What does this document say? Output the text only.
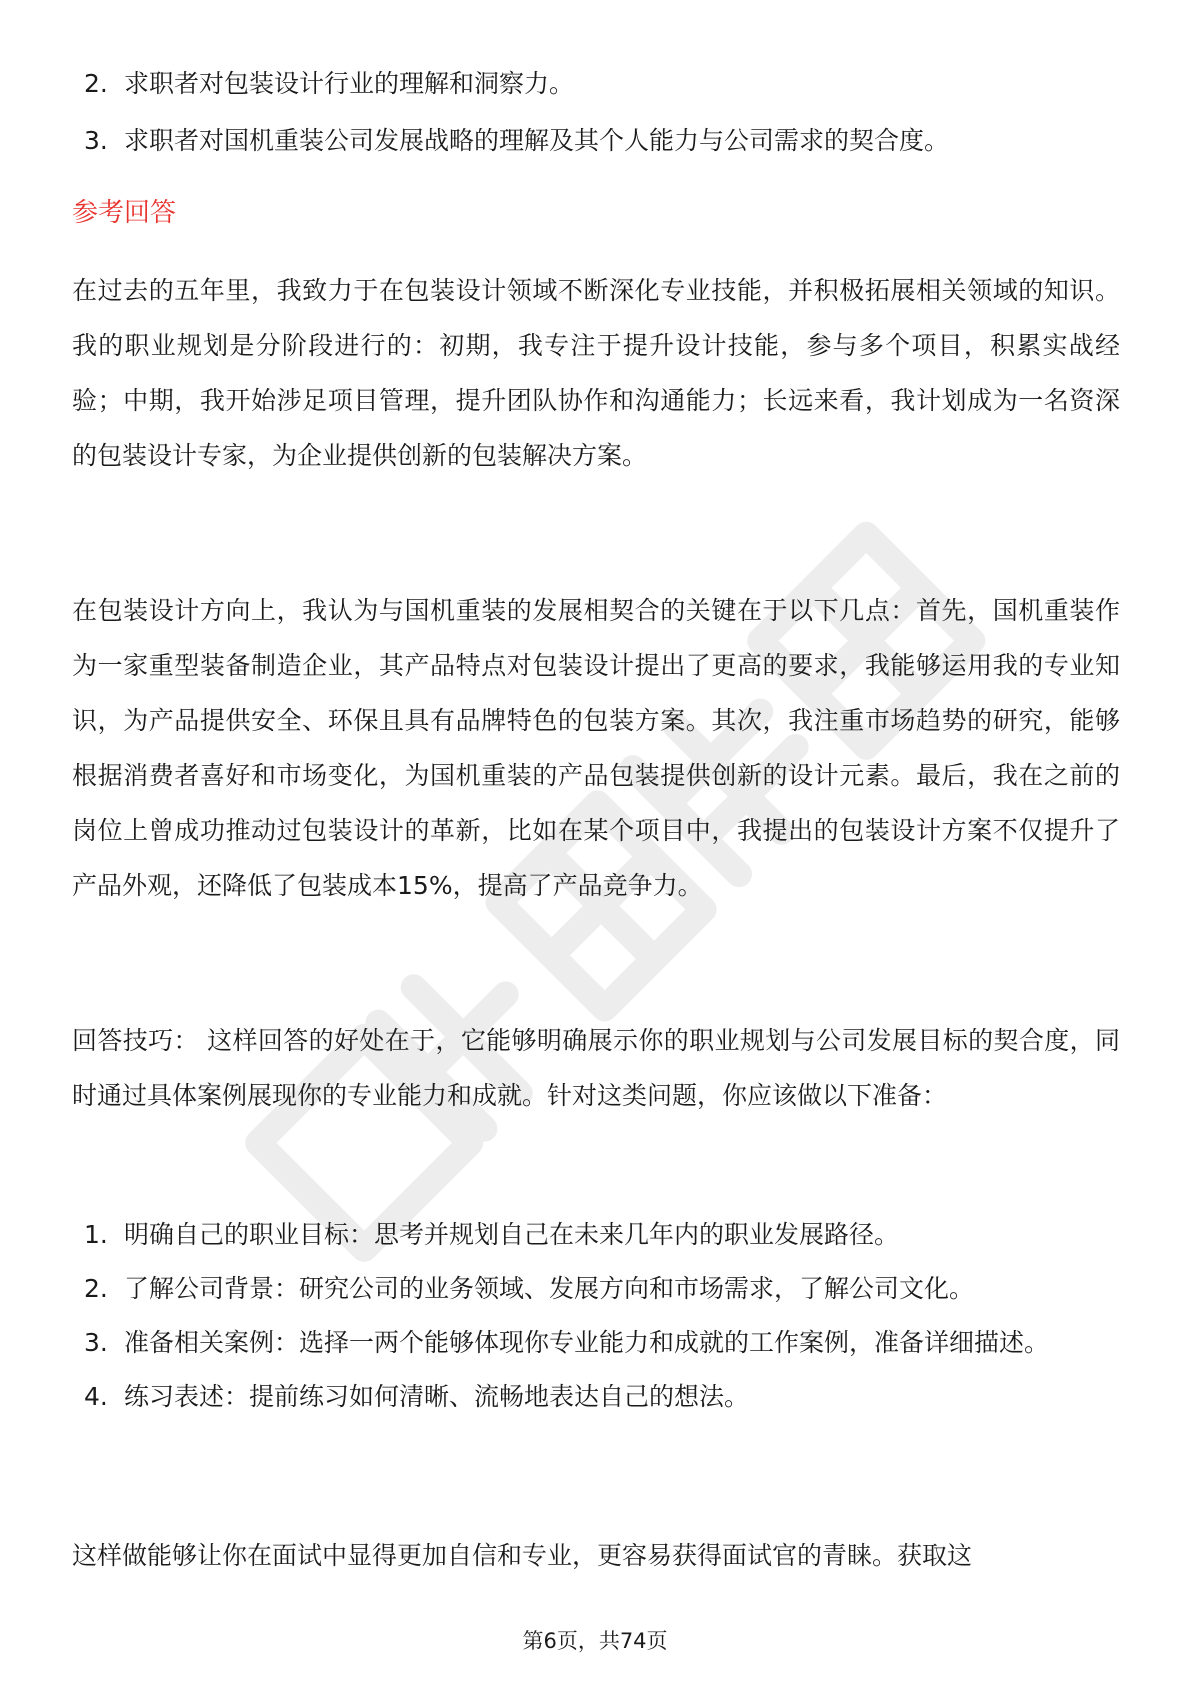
2. 求职者对包装设计行业的理解和洞察力。
3. 求职者对国机重装公司发展战略的理解及其个人能力与公司需求的契合度。
参考回答

在过去的五年里，我致力于在包装设计领域不断深化专业技能，并积极拓展相关领域的知识。我的职业规划是分阶段进行的：初期，我专注于提升设计技能，参与多个项目，积累实战经验；中期，我开始涉足项目管理，提升团队协作和沟通能力；长远来看，我计划成为一名资深的包装设计专家，为企业提供创新的包装解决方案。

在包装设计方向上，我认为与国机重装的发展相契合的关键在于以下几点：首先，国机重装作为一家重型装备制造企业，其产品特点对包装设计提出了更高的要求，我能够运用我的专业知识，为产品提供安全、环保且具有品牌特色的包装方案。其次，我注重市场趋势的研究，能够根据消费者喜好和市场变化，为国机重装的产品包装提供创新的设计元素。最后，我在之前的岗位上曾成功推动过包装设计的革新，比如在某个项目中，我提出的包装设计方案不仅提升了产品外观，还降低了包装成本15%，提高了产品竞争力。

回答技巧： 这样回答的好处在于，它能够明确展示你的职业规划与公司发展目标的契合度，同时通过具体案例展现你的专业能力和成就。针对这类问题，你应该做以下准备：

1. 明确自己的职业目标：思考并规划自己在未来几年内的职业发展路径。
2. 了解公司背景：研究公司的业务领域、发展方向和市场需求，了解公司文化。
3. 准备相关案例：选择一两个能够体现你专业能力和成就的工作案例，准备详细描述。
4. 练习表述：提前练习如何清晰、流畅地表达自己的想法。

这样做能够让你在面试中显得更加自信和专业，更容易获得面试官的青睐。获取这

第6页，共74页
